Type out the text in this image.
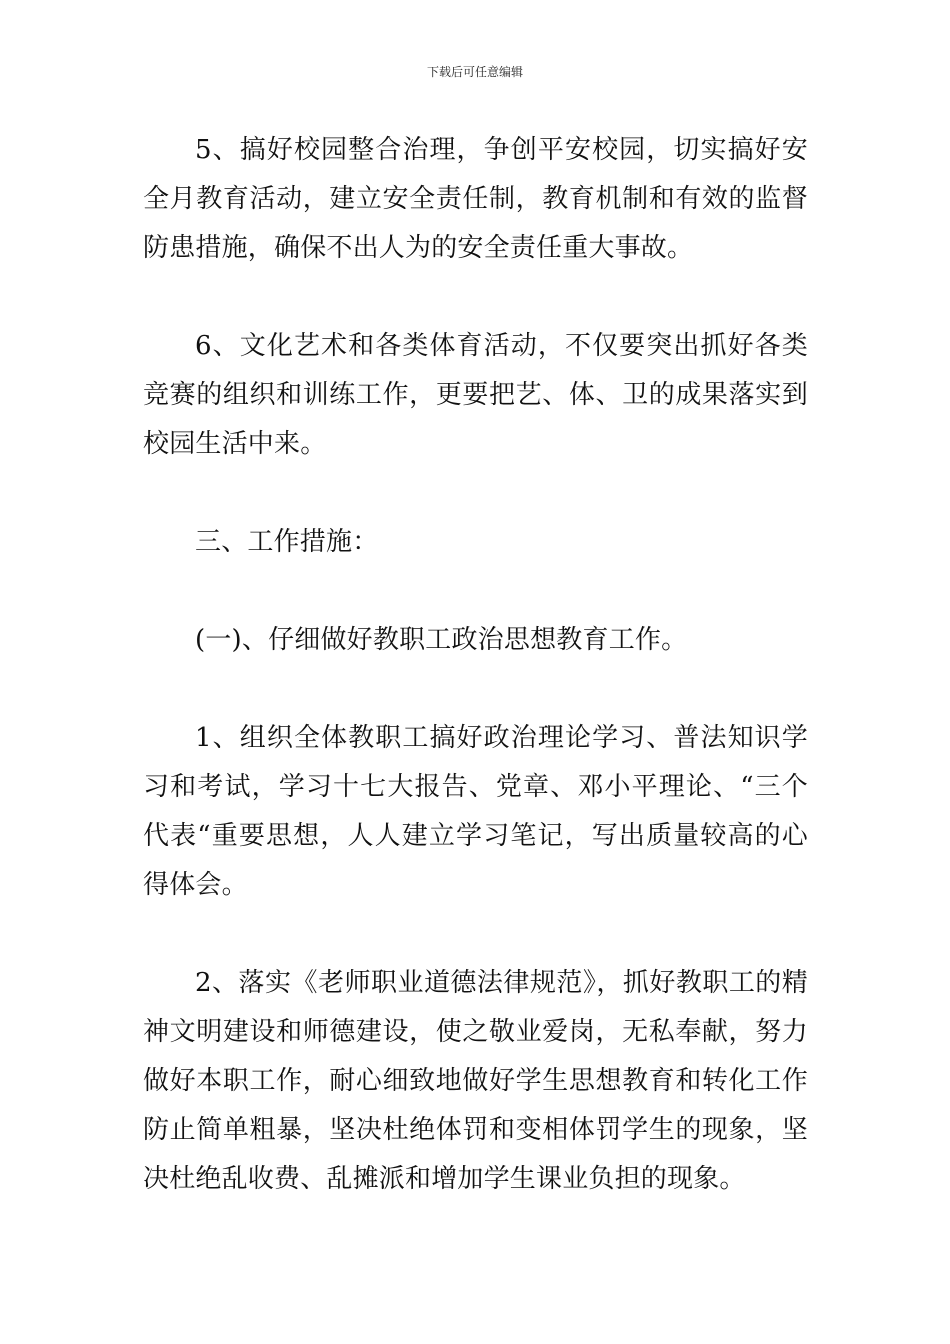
下载后可任意编辑

5、搞好校园整合治理，争创平安校园，切实搞好安全月教育活动，建立安全责任制，教育机制和有效的监督防患措施，确保不出人为的安全责任重大事故。

6、文化艺术和各类体育活动，不仅要突出抓好各类竞赛的组织和训练工作，更要把艺、体、卫的成果落实到校园生活中来。

三、工作措施：

(一)、仔细做好教职工政治思想教育工作。

1、组织全体教职工搞好政治理论学习、普法知识学习和考试，学习十七大报告、党章、邓小平理论、“三个代表“重要思想，人人建立学习笔记，写出质量较高的心得体会。

2、落实《老师职业道德法律规范》，抓好教职工的精神文明建设和师德建设，使之敬业爱岗，无私奉献，努力做好本职工作，耐心细致地做好学生思想教育和转化工作防止简单粗暴，坚决杜绝体罚和变相体罚学生的现象，坚决杜绝乱收费、乱摊派和增加学生课业负担的现象。
